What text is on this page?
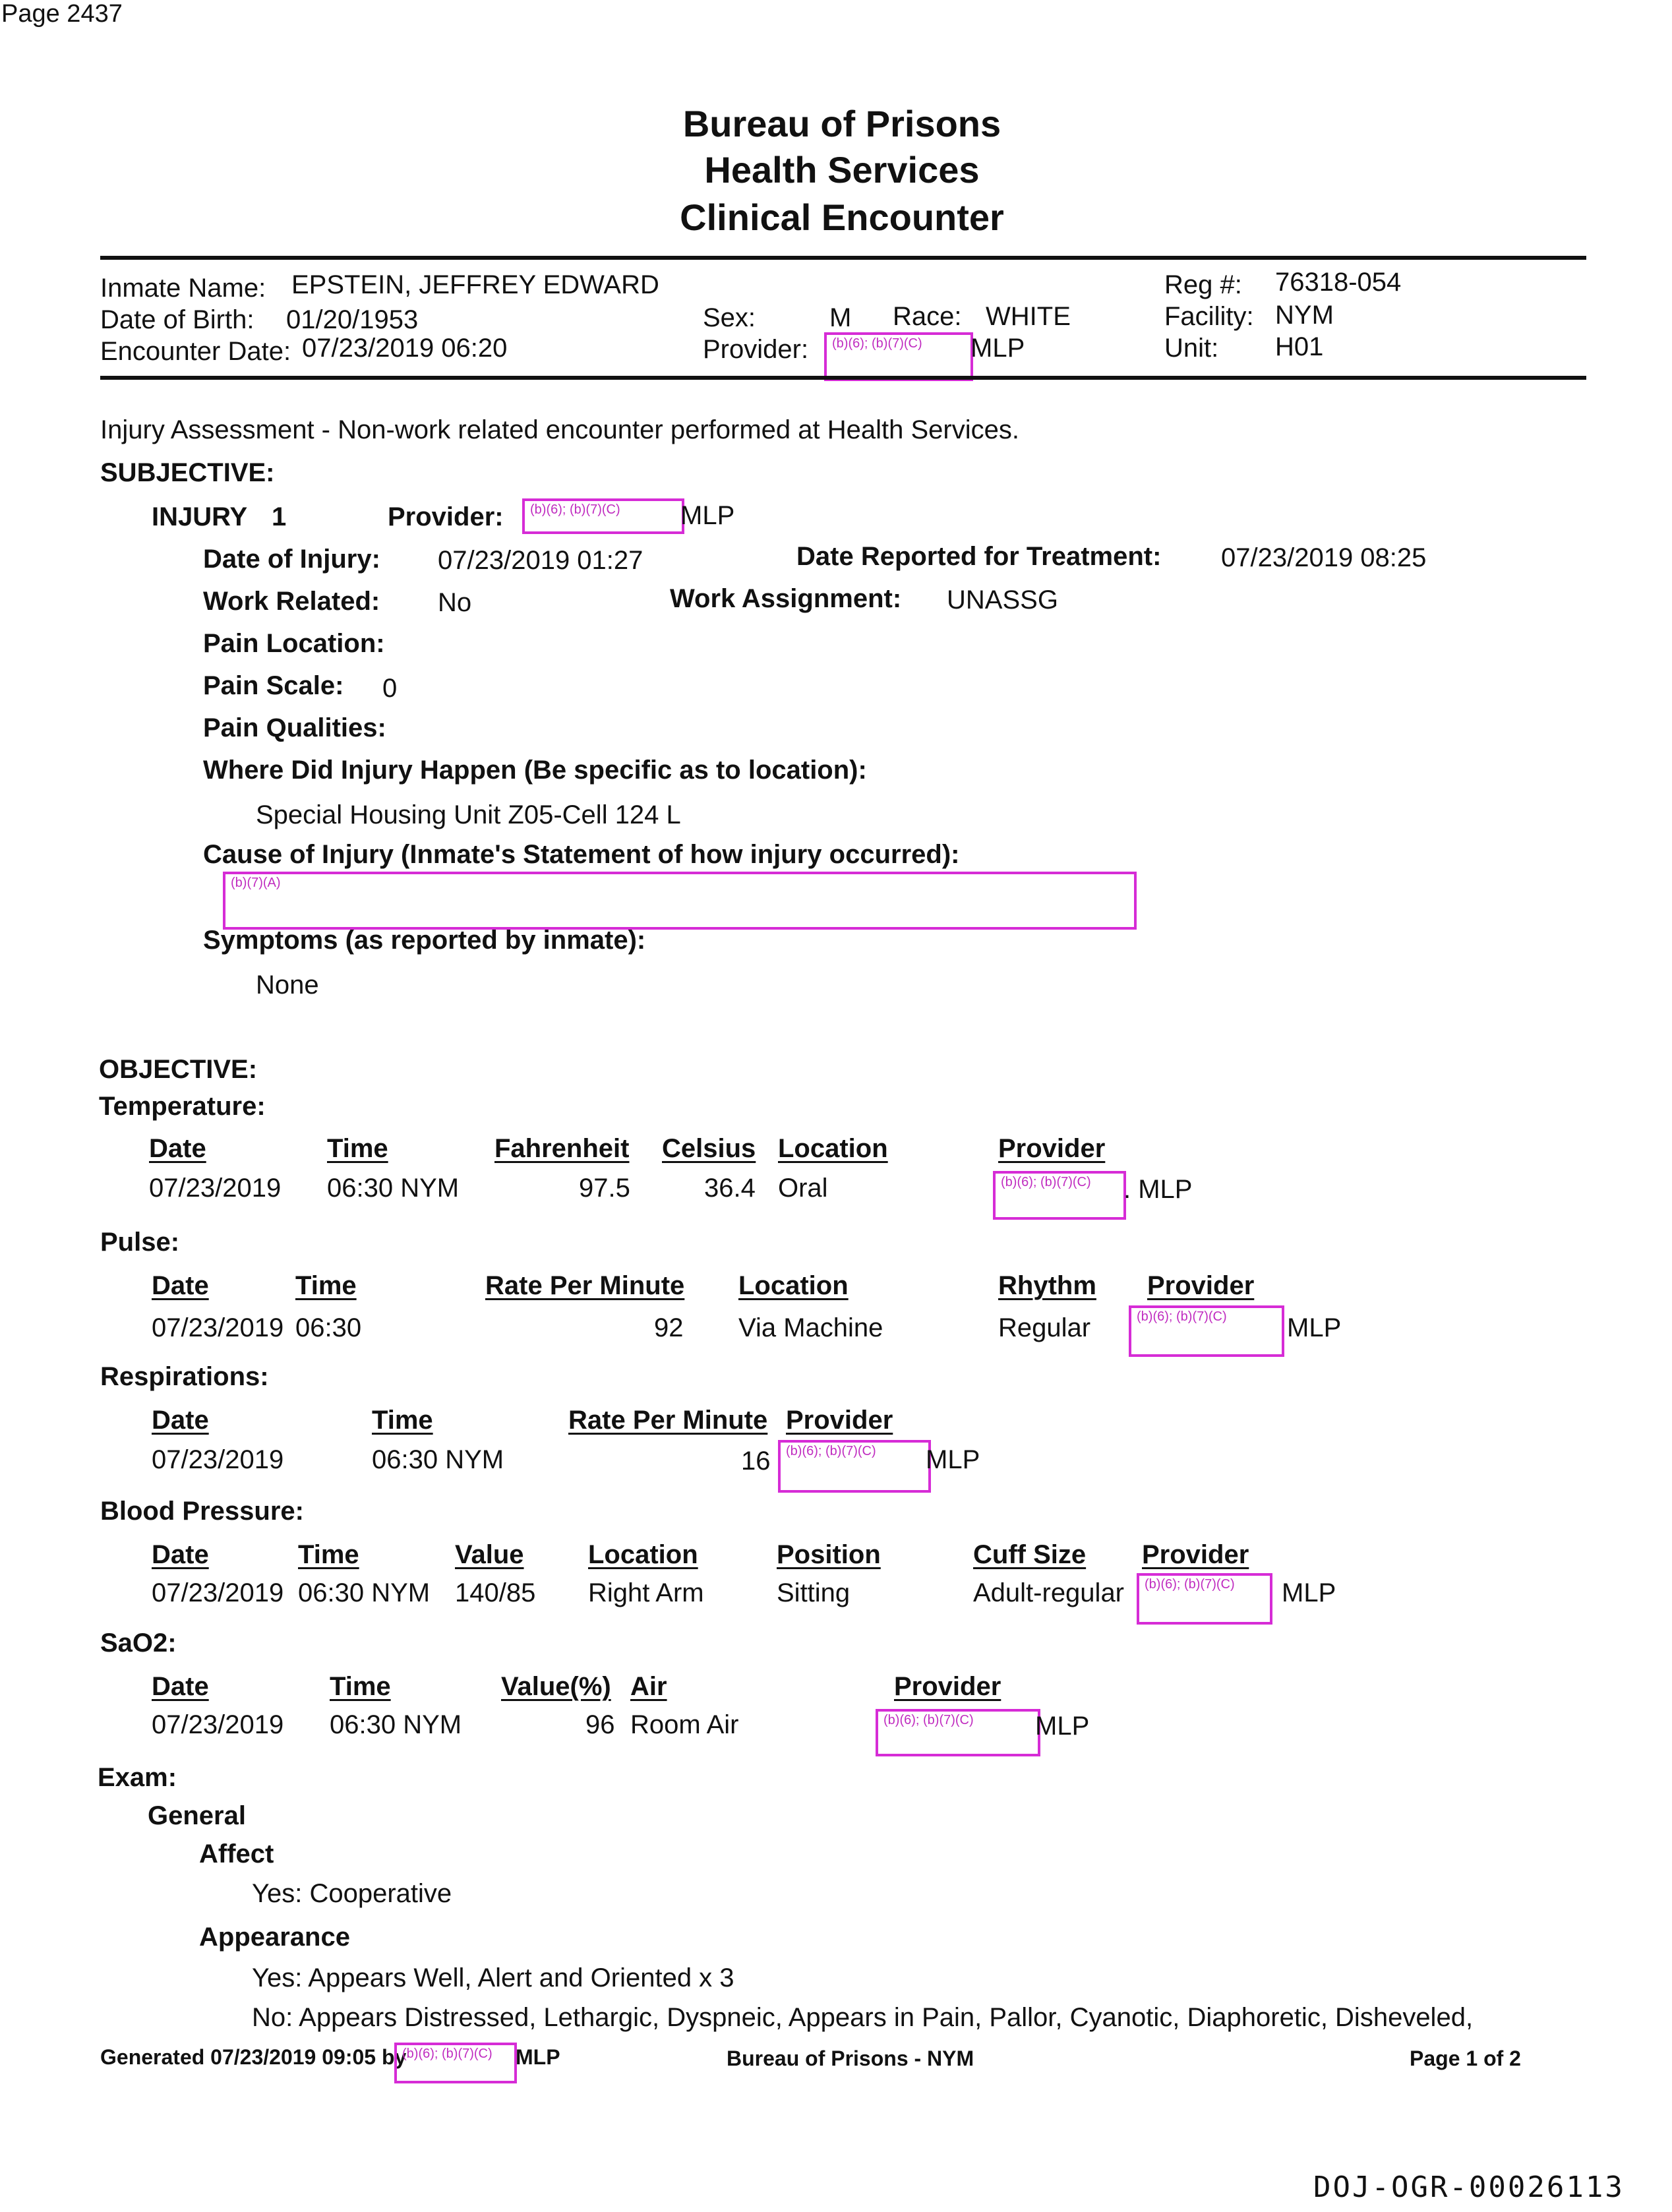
Page 2437
Bureau of Prisons
Health Services
Clinical Encounter
Inmate Name: EPSTEIN, JEFFREY EDWARD
Date of Birth: 01/20/1953
Encounter Date: 07/23/2019 06:20
Sex:	M Race: WHITE
Provider: (b)(6); (b)(7)(C) MLP
Reg #: 76318-054
Facility: NYM
Unit: H01
Injury Assessment - Non-work related encounter performed at Health Services.
SUBJECTIVE:
INJURY 1	Provider: (b)(6); (b)(7)(C) MLP
Date of Injury: 07/23/2019 01:27	Date Reported for Treatment: 07/23/2019 08:25
Work Related: No	Work Assignment: UNASSG
Pain Location:
Pain Scale: 0
Pain Qualities:
Where Did Injury Happen (Be specific as to location):
Special Housing Unit Z05-Cell 124 L
Cause of Injury (Inmate's Statement of how injury occurred):
(b)(7)(A)
Symptoms (as reported by inmate):
None
OBJECTIVE:
Temperature:
Date	Time	Fahrenheit Celsius Location	Provider
07/23/2019 06:30 NYM	97.5	36.4 Oral	(b)(6); (b)(7)(C) . MLP
Pulse:
Date	Time	Rate Per Minute Location	Rhythm Provider
07/23/2019 06:30	92 Via Machine	Regular	(b)(6); (b)(7)(C) MLP
Respirations:
Date	Time	Rate Per Minute Provider
07/23/2019	06:30 NYM	16 (b)(6); (b)(7)(C) MLP
Blood Pressure:
Date	Time	Value Location	Position	Cuff Size Provider
07/23/2019 06:30 NYM 140/85 Right Arm	Sitting	Adult-regular (b)(6); (b)(7)(C) MLP
SaO2:
Date	Time	Value(%) Air	Provider
07/23/2019 06:30 NYM	96 Room Air	(b)(6); (b)(7)(C) MLP
Exam:
General
Affect
Yes: Cooperative
Appearance
Yes: Appears Well, Alert and Oriented x 3
No: Appears Distressed, Lethargic, Dyspneic, Appears in Pain, Pallor, Cyanotic, Diaphoretic, Disheveled,
Generated 07/23/2019 09:05 by
(b)(6); (b)(7)(C) MLP	Bureau of Prisons - NYM	Page 1 of 2
DOJ-OGR-00026113
